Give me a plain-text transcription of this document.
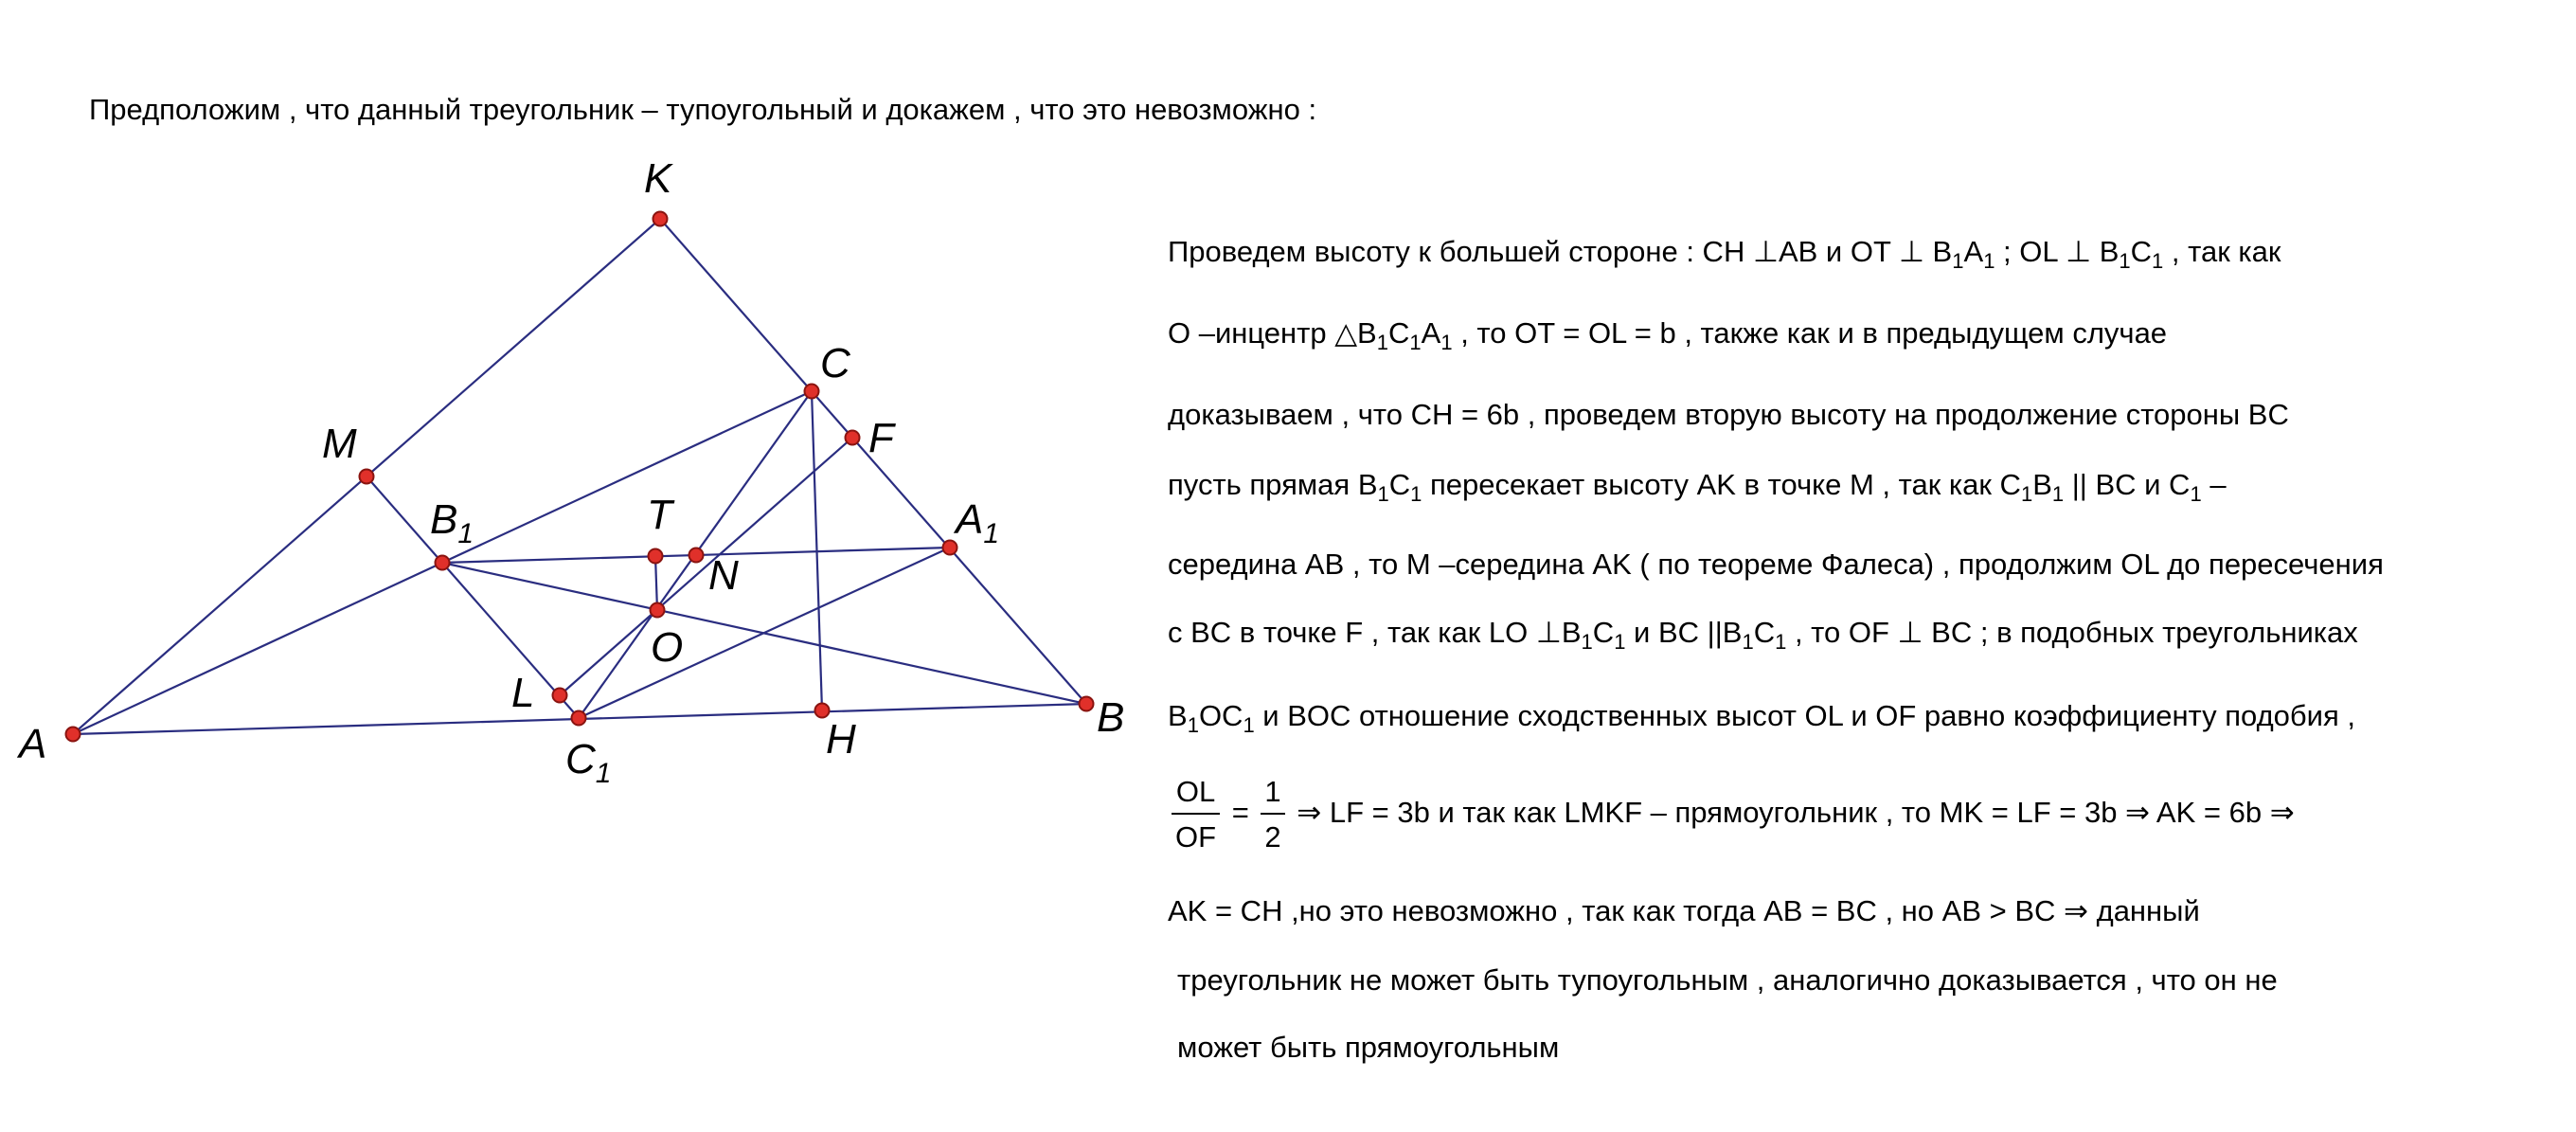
Предположим , что данный треугольник – тупоугольный и докажем , что это невозможно :
A
B
C
K
M
$B_1$	$A_1$
$C_1$
T
N
O
L
H
F
Проведем высоту к большей стороне : CH ⊥AB и OT ⊥ $B_1A_1$ ; OL ⊥ $B_1C_1$ , так как
O –инцентр $\triangle B_1C_1A_1$ , то OT = OL = b , также как и в предыдущем случае
доказываем , что CH = 6b , проведем вторую высоту на продолжение стороны BC
пусть прямая $B_1C_1$ пересекает высоту AK в точке M , так как $C_1B_1$ || BC и $C_1$ –
середина AB , то M –середина AK ( по теореме Фалеса) , продолжим OL до пересечения
с BC в точке F , так как LO $\perp B_1C_1$ и BC $||B_1C_1$ , то OF ⊥ BC ; в подобных треугольниках
$B_1OC_1$ и BOC отношение сходственных высот OL и OF равно коэффициенту подобия ,
$\frac{OL}{OF} = \frac{1}{2}$ ⇒ LF = 3b и так как LMKF – прямоугольник , то MK = LF = 3b ⇒ AK = 6b ⇒
AK = CH ,но это невозможно , так как тогда AB = BC , но AB > BC ⇒ данный
треугольник не может быть тупоугольным , аналогично доказывается , что он не
может быть прямоугольным
